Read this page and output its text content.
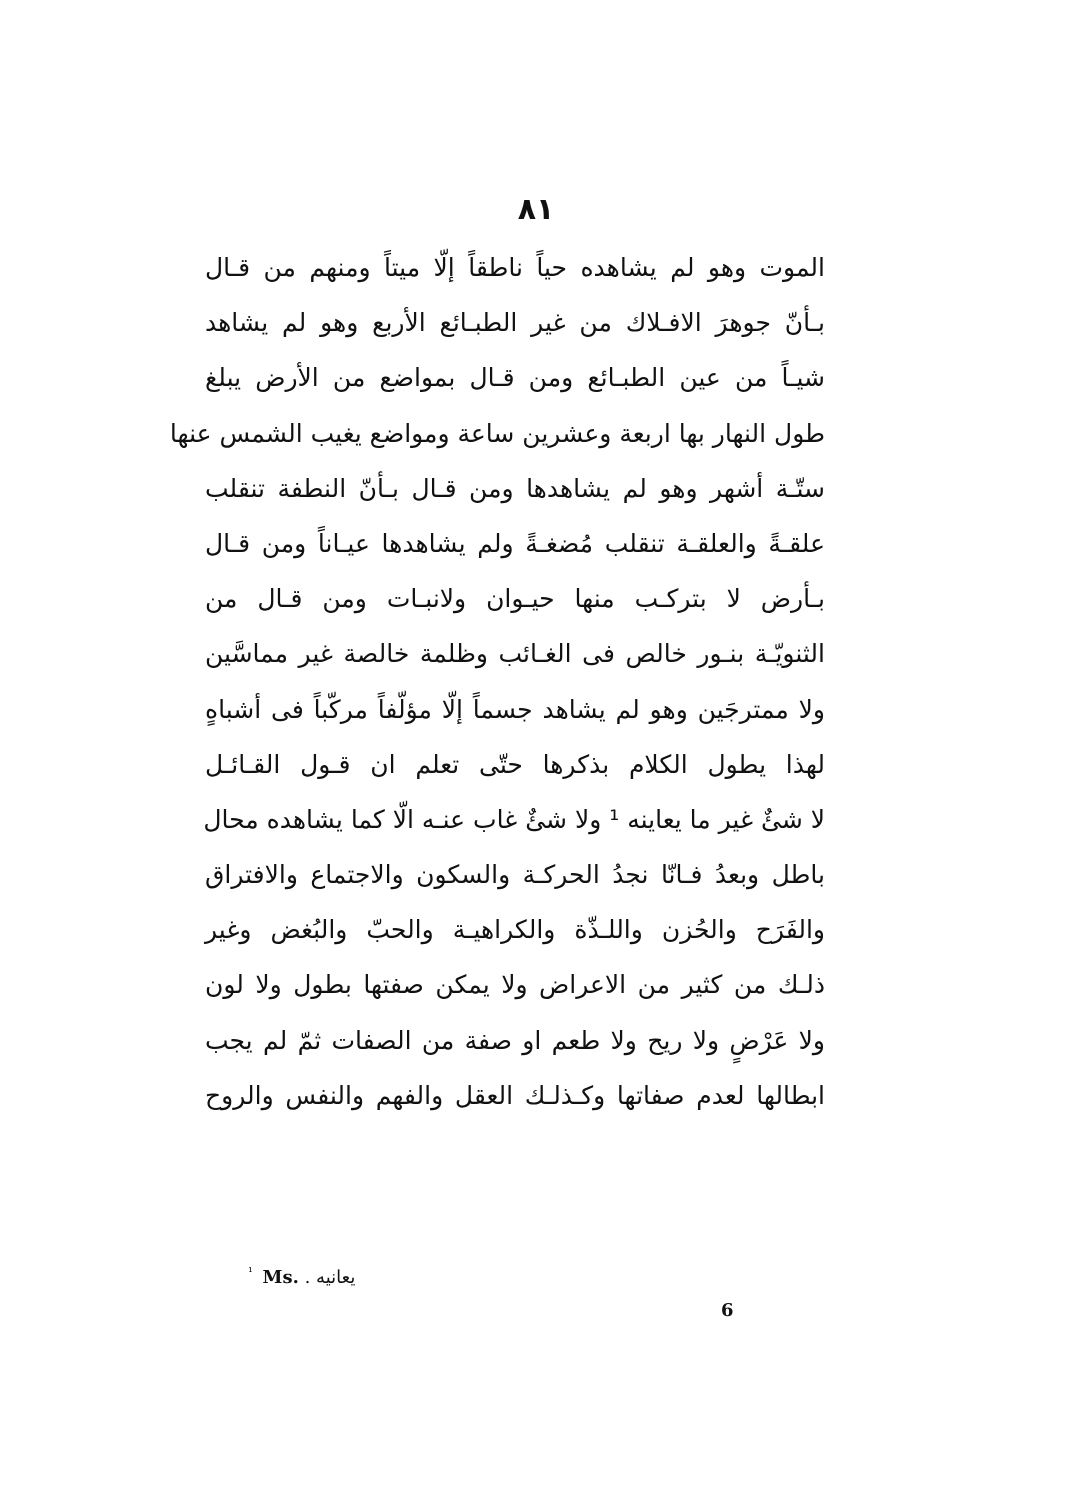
٨١
الموت وهو لم يشاهده حياً ناطقاً إلّا ميتاً ومنهم من قـال
بـأنّ جوهرَ الافـلاك من غير الطبـائع الأربع وهو لم يشاهد
شيـاً من عين الطبـائع ومن قـال بمواضع من الأرض يبلغ
طول النهار بها اربعة وعشرين ساعة ومواضع يغيب الشمس عنها
ستّـة أشهر وهو لم يشاهدها ومن قـال بـأنّ النطفة تنقلب
علقـةً والعلقـة تنقلب مُضغـةً ولم يشاهدها عيـاناً ومن قـال
بـأرض لا بتركـب منها حيـوان ولانبـات ومن قـال من
الثنويّـة بنـور خالص فى الغـائب وظلمة خالصة غير مماسَّين
ولا ممترجَين وهو لم يشاهد جسماً إلّا مؤلّفاً مركّباً فى أشباهٍ
لهذا يطول الكلام بذكرها حتّى تعلم ان قـول القـائـل
لا شئٌ غير ما يعاينه ¹ ولا شئٌ غاب عنـه الّا كما يشاهده محال
باطل وبعدُ فـانّا نجدُ الحركـة والسكون والاجتماع والافتراق
والفَرَح والحُزن واللـذّة والكراهيـة والحبّ والبُغض وغير
ذلـك من كثير من الاعراض ولا يمكن صفتها بطول ولا لون
ولا عَرْضٍ ولا ريح ولا طعم او صفة من الصفات ثمّ لم يجب
ابطالها لعدم صفاتها وكـذلـك العقل والفهم والنفس والروح
$^{^1}$ Ms. يعانيه .
6
